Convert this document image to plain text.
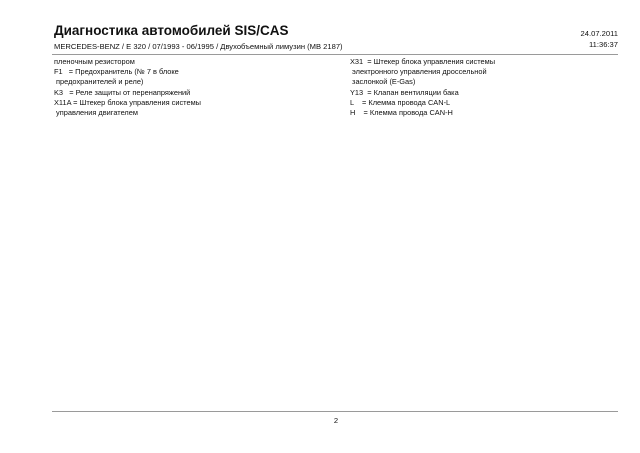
Диагностика автомобилей SIS/CAS
MERCEDES-BENZ / E 320 / 07/1993 - 06/1995 / Двухобъемный лимузин (MB 2187)
24.07.2011
11:36:37
пленочным резистором
F1   = Предохранитель (№ 7 в блоке
предохранителей и реле)
K3   = Реле защиты от перенапряжений
X11A = Штекер блока управления системы
управления двигателем
X31  = Штекер блока управления системы
электронного управления дроссельной
заслонкой (E-Gas)
Y13  = Клапан вентиляции бака
L    = Клемма провода CAN-L
H    = Клемма провода CAN-H
2
